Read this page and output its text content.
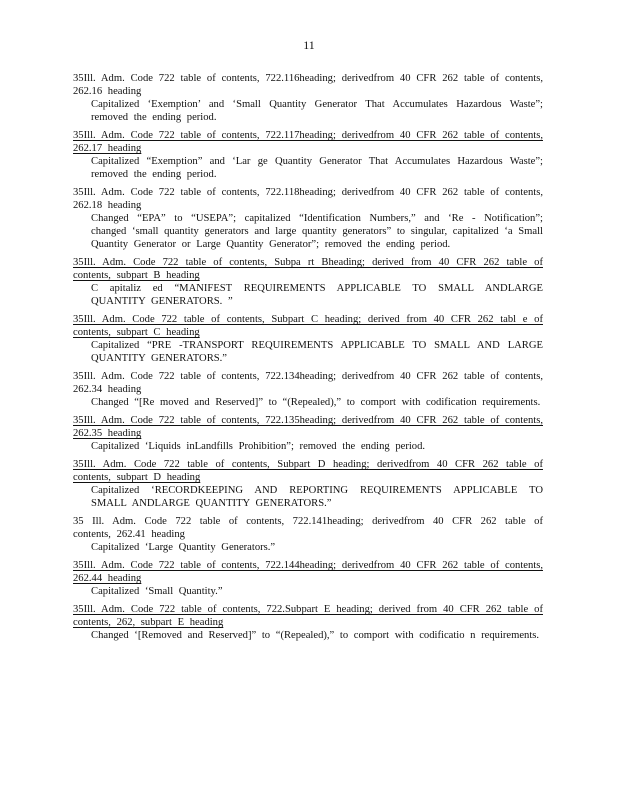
11
35Ill. Adm. Code 722 table of contents, 722.116heading; derivedfrom 40 CFR 262 table of contents, 262.16 heading
Capitalized ‘Exemption’ and ‘Small Quantity Generator That Accumulates Hazardous Waste”; removed the ending period.
35Ill. Adm. Code 722 table of contents, 722.117heading; derivedfrom 40 CFR 262 table of contents, 262.17 heading
Capitalized “Exemption” and ‘Lar ge Quantity Generator That Accumulates Hazardous Waste”; removed the ending period.
35Ill. Adm. Code 722 table of contents, 722.118heading; derivedfrom 40 CFR 262 table of contents, 262.18 heading
Changed “EPA” to “USEPA”; capitalized “Identification Numbers,” and ‘Re - Notification”; changed ‘small quantity generators and large quantity generators” to singular, capitalized ‘a Small Quantity Generator or Large Quantity Generator”; removed the ending period.
35Ill. Adm. Code 722 table of contents, Subpa rt Bheading; derived from 40 CFR 262 table of contents, subpart B heading
C apitaliz ed “MANIFEST REQUIREMENTS APPLICABLE TO SMALL ANDLARGE QUANTITY GENERATORS. ”
35Ill. Adm. Code 722 table of contents, Subpart C heading; derived from 40 CFR 262 tabl e of contents, subpart C heading
Capitalized “PRE -TRANSPORT REQUIREMENTS APPLICABLE TO SMALL AND LARGE QUANTITY GENERATORS.”
35Ill. Adm. Code 722 table of contents, 722.134heading; derivedfrom 40 CFR 262 table of contents, 262.34 heading
Changed “[Re moved and Reserved]” to “(Repealed),” to comport with codification requirements.
35Ill. Adm. Code 722 table of contents, 722.135heading; derivedfrom 40 CFR 262 table of contents, 262.35 heading
Capitalized ‘Liquids inLandfills Prohibition”; removed the ending period.
35Ill. Adm. Code 722 table of contents, Subpart D heading; derivedfrom 40 CFR 262 table of contents, subpart D heading
Capitalized ‘RECORDKEEPING AND REPORTING REQUIREMENTS APPLICABLE TO SMALL ANDLARGE QUANTITY GENERATORS.”
35 Ill. Adm. Code 722 table of contents, 722.141heading; derivedfrom 40 CFR 262 table of contents, 262.41 heading
Capitalized ‘Large Quantity Generators.”
35Ill. Adm. Code 722 table of contents, 722.144heading; derivedfrom 40 CFR 262 table of contents, 262.44 heading
Capitalized ‘Small Quantity.”
35Ill. Adm. Code 722 table of contents, 722.Subpart E heading; derived from 40 CFR 262 table of contents, 262, subpart E heading
Changed ‘[Removed and Reserved]” to “(Repealed),” to comport with codificatio n requirements.
